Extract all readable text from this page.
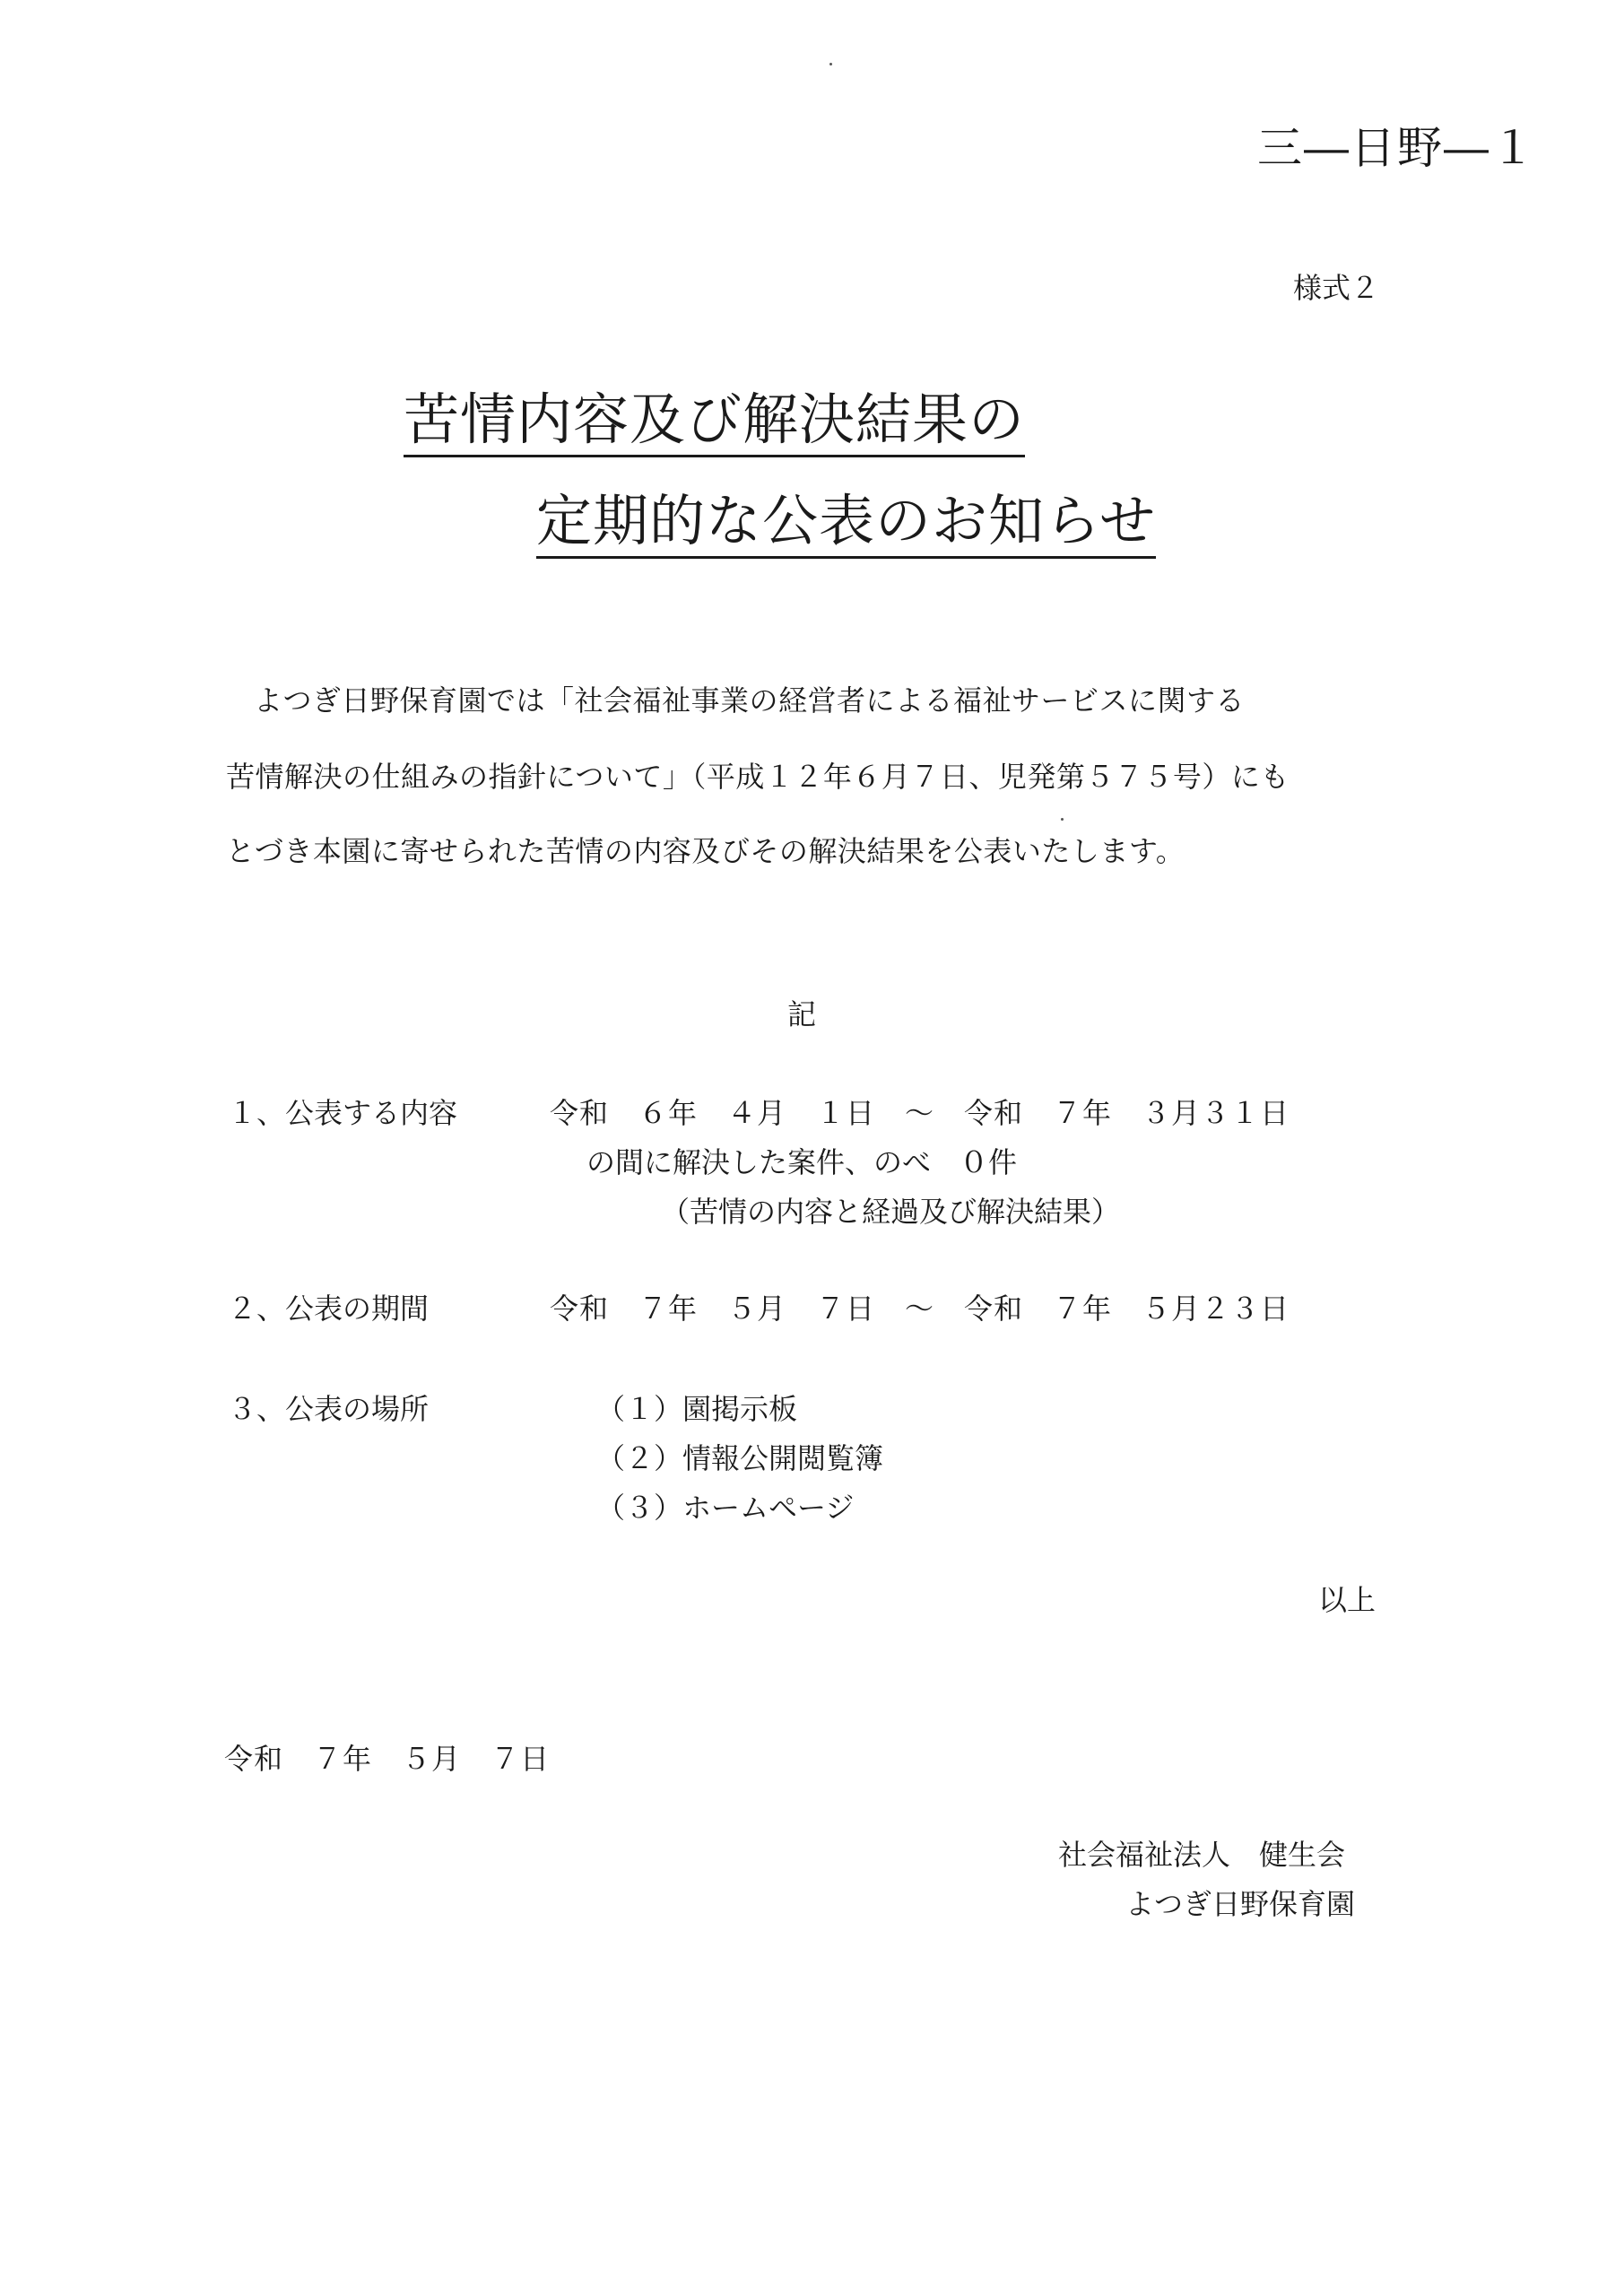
三―日野―１
様式２
苦情内容及び解決結果の
定期的な公表のお知らせ
よつぎ日野保育園では「社会福祉事業の経営者による福祉サービスに関する
苦情解決の仕組みの指針について」（平成１２年６月７日、児発第５７５号）にも
とづき本園に寄せられた苦情の内容及びその解決結果を公表いたします。
記
１、公表する内容	令和　６年　４月　１日　～　令和　７年　３月３１日
の間に解決した案件、のべ　０件
（苦情の内容と経過及び解決結果）
２、公表の期間	令和　７年　５月　７日　～　令和　７年　５月２３日
３、公表の場所	（１）園掲示板
（２）情報公開閲覧簿
（３）ホームページ
以上
令和　７年　５月　７日
社会福祉法人　健生会
よつぎ日野保育園
